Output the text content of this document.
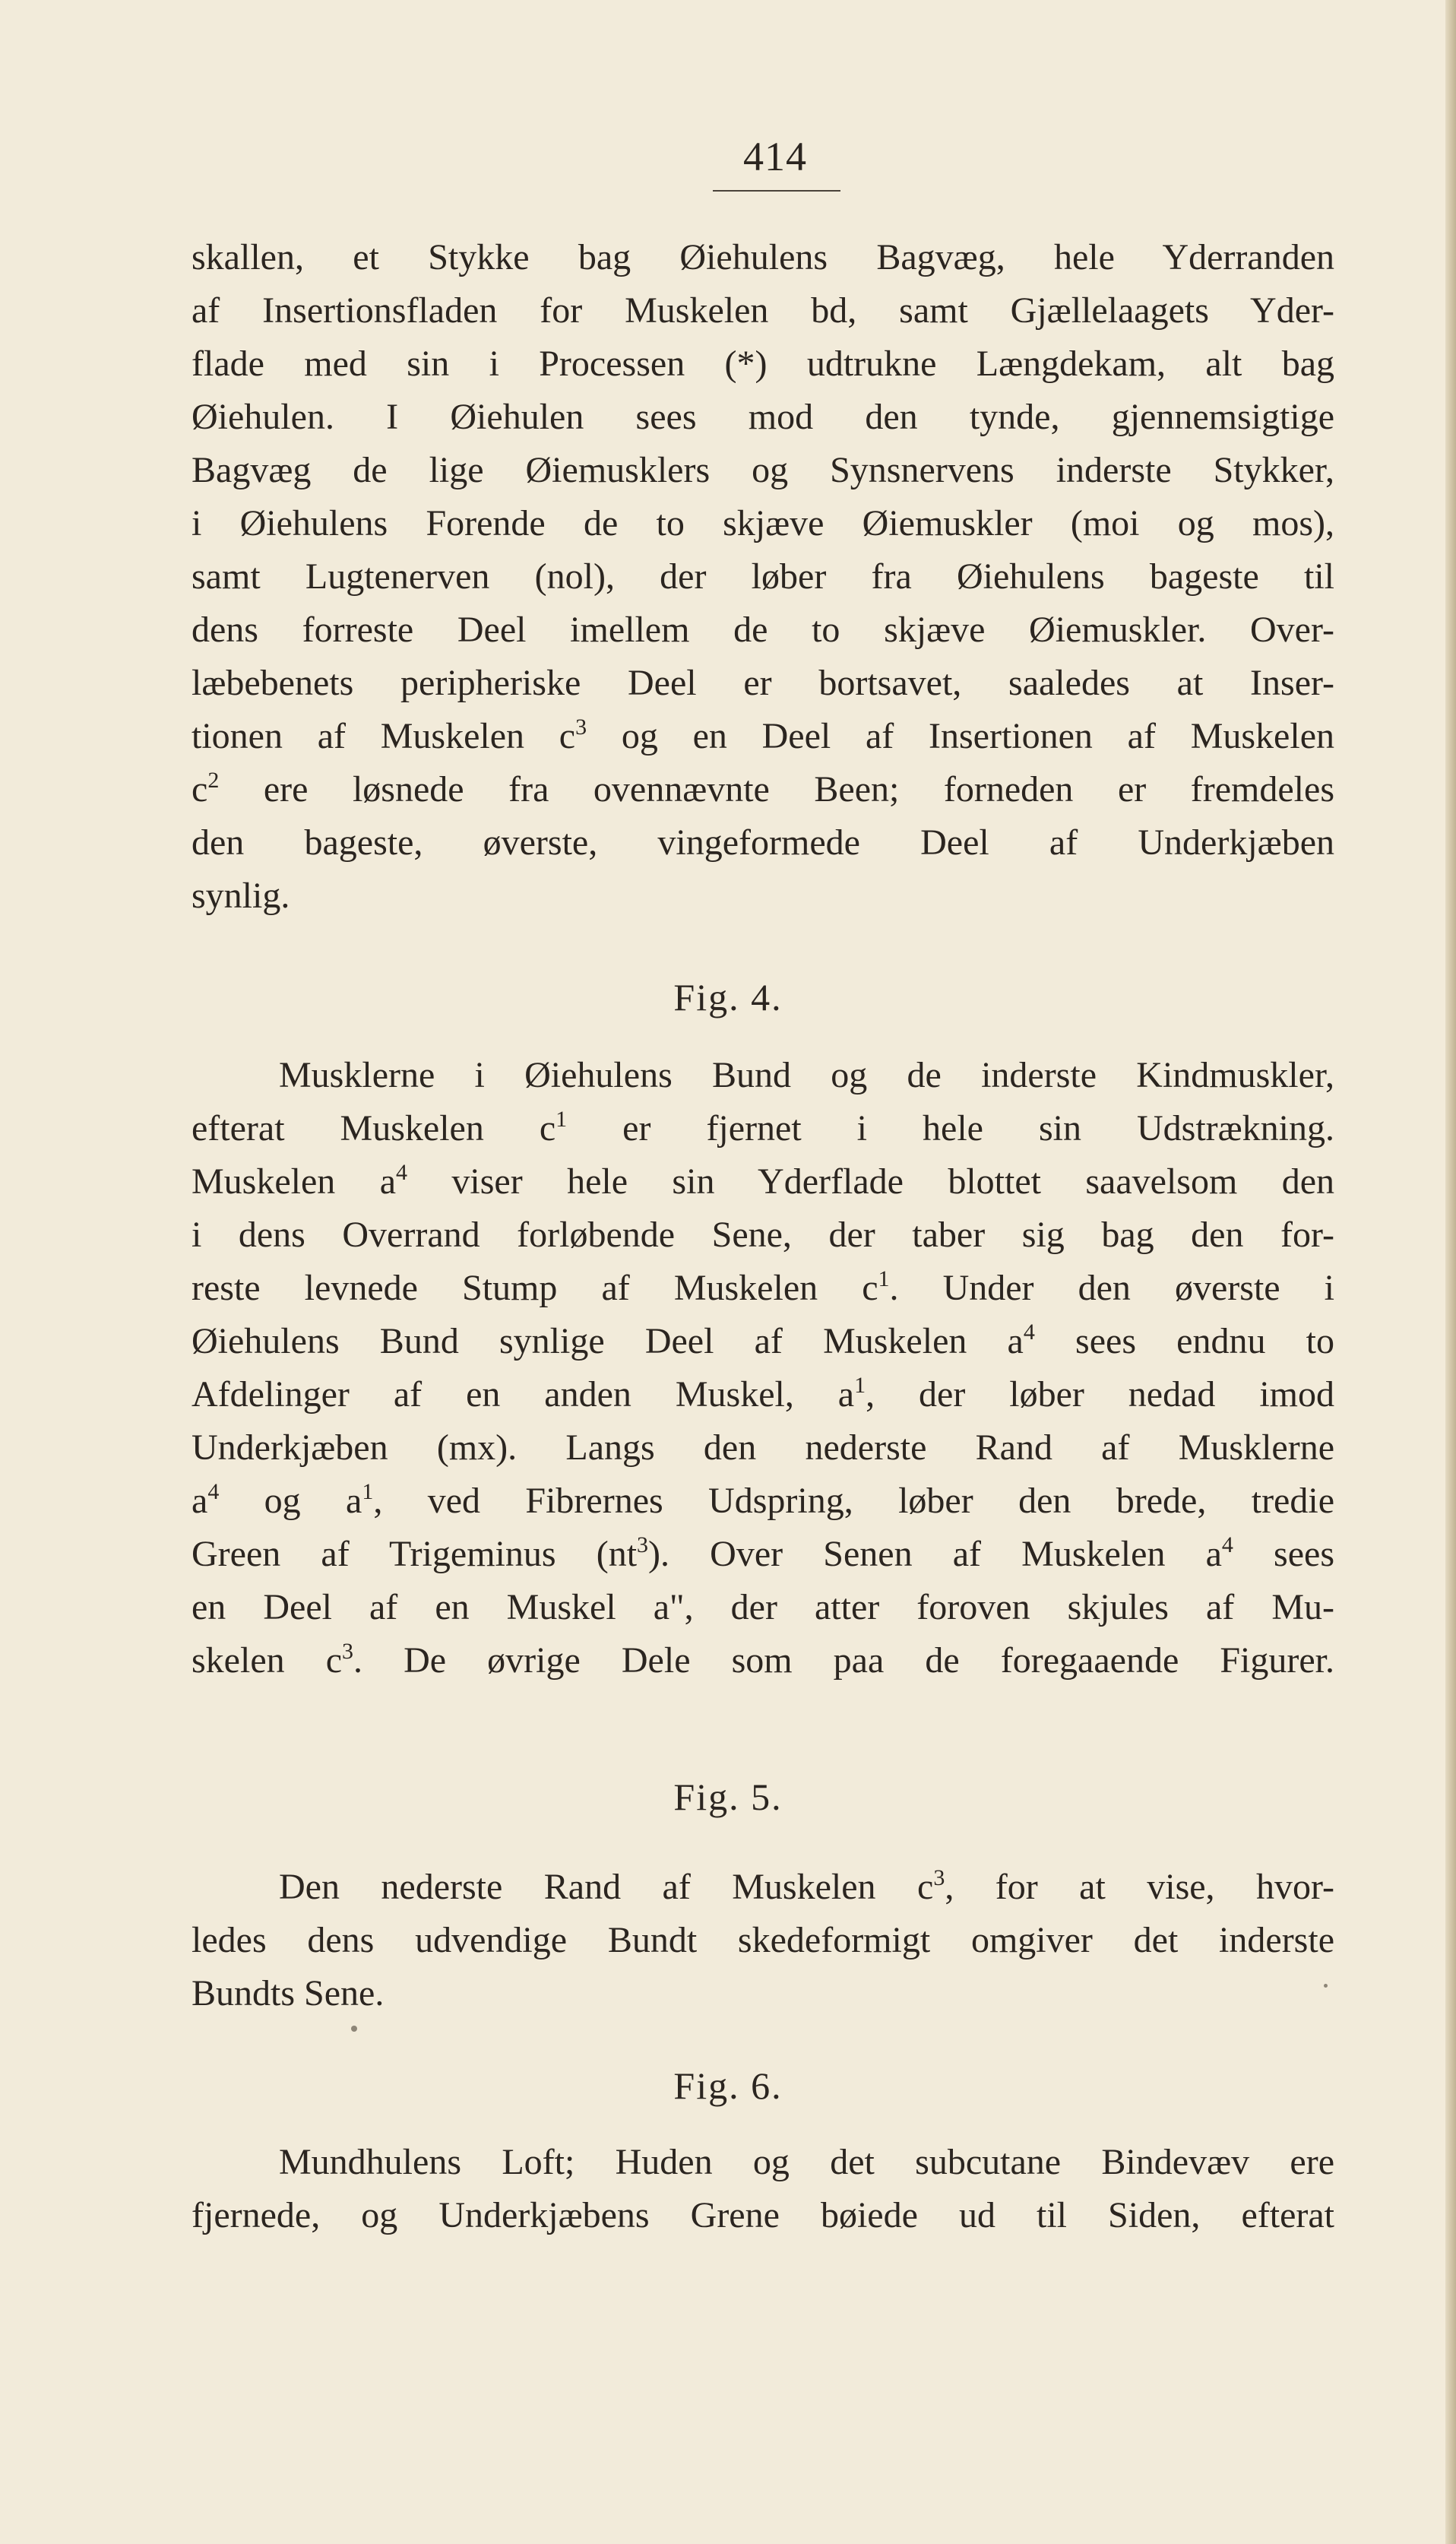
414
skallen, et Stykke bag Øiehulens Bagvæg, hele Yderranden
af Insertionsfladen for Muskelen bd, samt Gjællelaagets Yder-
flade med sin i Processen (*) udtrukne Længdekam, alt bag
Øiehulen. I Øiehulen sees mod den tynde, gjennemsigtige
Bagvæg de lige Øiemusklers og Synsnervens inderste Stykker,
i Øiehulens Forende de to skjæve Øiemuskler (moi og mos),
samt Lugtenerven (nol), der løber fra Øiehulens bageste til
dens forreste Deel imellem de to skjæve Øiemuskler. Over-
læbebenets peripheriske Deel er bortsavet, saaledes at Inser-
tionen af Muskelen $c^3$ og en Deel af Insertionen af Muskelen
$c^2$ ere løsnede fra ovennævnte Been; forneden er fremdeles
den bageste, øverste, vingeformede Deel af Underkjæben
synlig.
Fig. 4.
Musklerne i Øiehulens Bund og de inderste Kindmuskler,
efterat Muskelen $c^1$ er fjernet i hele sin Udstrækning.
Muskelen $a^4$ viser hele sin Yderflade blottet saavelsom den
i dens Overrand forløbende Sene, der taber sig bag den for-
reste levnede Stump af Muskelen $c^1$. Under den øverste i
Øiehulens Bund synlige Deel af Muskelen $a^4$ sees endnu to
Afdelinger af en anden Muskel, $a^1$, der løber nedad imod
Underkjæben (mx). Langs den nederste Rand af Musklerne
$a^4$ og $a^1$, ved Fibrernes Udspring, løber den brede, tredie
Green af Trigeminus $(nt^3)$. Over Senen af Muskelen $a^4$ sees
en Deel af en Muskel a", der atter foroven skjules af Mu-
skelen $c^3$. De øvrige Dele som paa de foregaaende Figurer.
Fig. 5.
Den nederste Rand af Muskelen $c^3$, for at vise, hvor-
ledes dens udvendige Bundt skedeformigt omgiver det inderste
Bundts Sene.
Fig. 6.
Mundhulens Loft; Huden og det subcutane Bindevæv ere
fjernede, og Underkjæbens Grene bøiede ud til Siden, efterat
